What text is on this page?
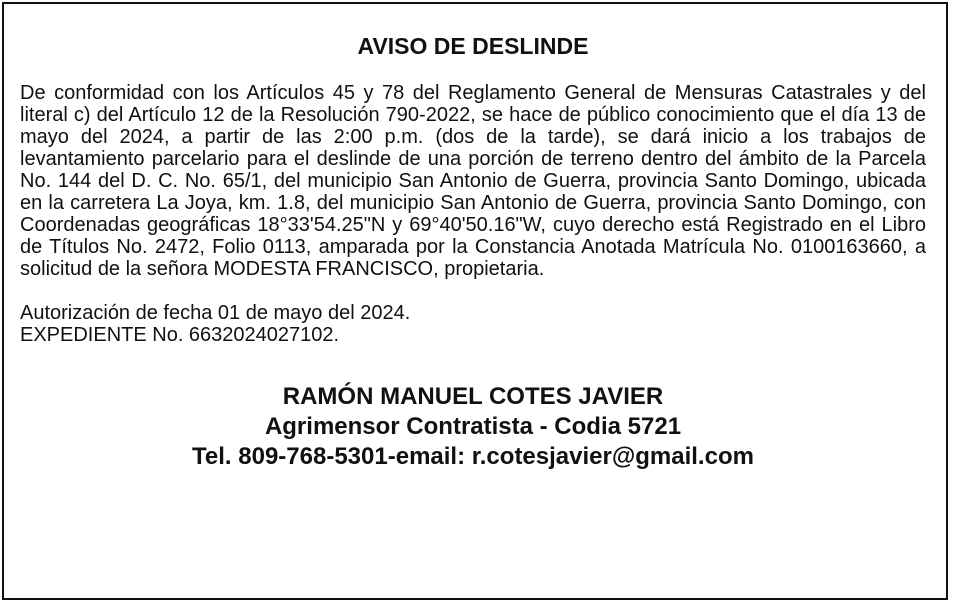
AVISO DE DESLINDE

De conformidad con los Artículos 45 y 78 del Reglamento General de Mensuras Catastrales y del literal c) del Artículo 12 de la Resolución 790-2022, se hace de público conocimiento que el día 13 de mayo del 2024, a partir de las 2:00 p.m. (dos de la tarde), se dará inicio a los trabajos de levantamiento parcelario para el deslinde de una porción de terreno dentro del ámbito de la Parcela No. 144 del D. C. No. 65/1, del municipio San Antonio de Guerra, provincia Santo Domingo, ubicada en la carretera La Joya, km. 1.8, del municipio San Antonio de Guerra, provincia Santo Domingo, con Coordenadas geográficas 18°33'54.25"N y 69°40'50.16"W, cuyo derecho está Registrado en el Libro de Títulos No. 2472, Folio 0113, amparada por la Constancia Anotada Matrícula No. 0100163660, a solicitud de la señora MODESTA FRANCISCO, propietaria.

Autorización de fecha 01 de mayo del 2024.

EXPEDIENTE No. 6632024027102.

RAMÓN MANUEL COTES JAVIER

Agrimensor Contratista - Codia 5721

Tel. 809-768-5301-email: r.cotesjavier@gmail.com
